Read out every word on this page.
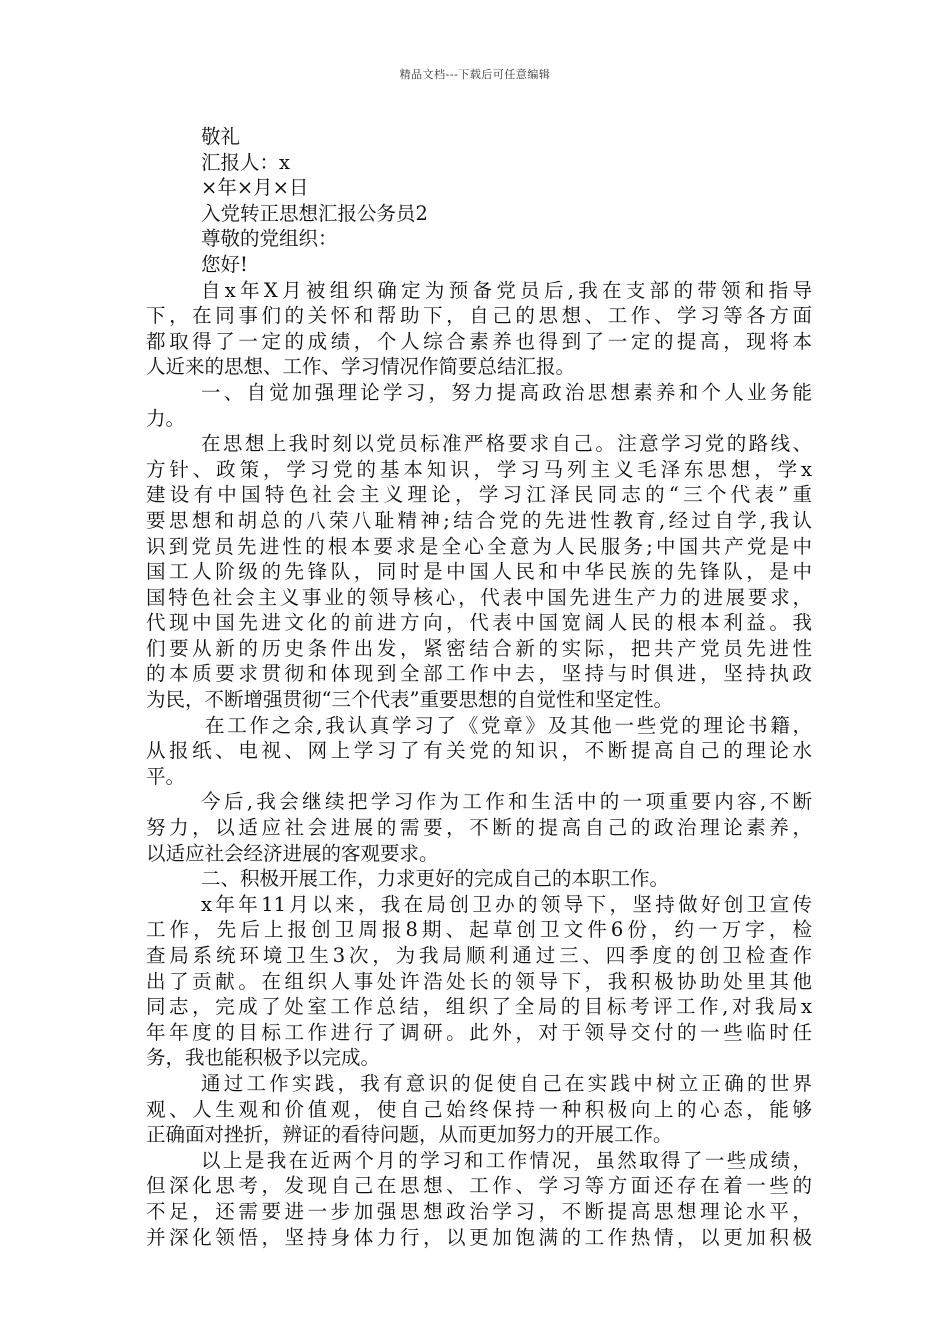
精品文档---下载后可任意编辑
敬礼
汇报人：x
×年×月×日
入党转正思想汇报公务员2
尊敬的党组织：
您好!
自x年X月被组织确定为预备党员后,我在支部的带领和指导
下，在同事们的关怀和帮助下，自己的思想、工作、学习等各方面
都取得了一定的成绩，个人综合素养也得到了一定的提高，现将本
人近来的思想、工作、学习情况作简要总结汇报。
一、自觉加强理论学习，努力提高政治思想素养和个人业务能
力。
在思想上我时刻以党员标准严格要求自己。注意学习党的路线、
方针、政策，学习党的基本知识，学习马列主义毛泽东思想，学x
建设有中国特色社会主义理论，学习江泽民同志的“三个代表”重
要思想和胡总的八荣八耻精神;结合党的先进性教育,经过自学,我认
识到党员先进性的根本要求是全心全意为人民服务;中国共产党是中
国工人阶级的先锋队，同时是中国人民和中华民族的先锋队，是中
国特色社会主义事业的领导核心，代表中国先进生产力的进展要求，
代现中国先进文化的前进方向，代表中国宽阔人民的根本利益。我
们要从新的历史条件出发，紧密结合新的实际，把共产党员先进性
的本质要求贯彻和体现到全部工作中去，坚持与时俱进，坚持执政
为民，不断增强贯彻“三个代表”重要思想的自觉性和坚定性。
在工作之余,我认真学习了《党章》及其他一些党的理论书籍，
从报纸、电视、网上学习了有关党的知识，不断提高自己的理论水
平。
今后,我会继续把学习作为工作和生活中的一项重要内容,不断
努力，以适应社会进展的需要，不断的提高自己的政治理论素养，
以适应社会经济进展的客观要求。
二、积极开展工作，力求更好的完成自己的本职工作。
x年年11月以来，我在局创卫办的领导下，坚持做好创卫宣传
工作，先后上报创卫周报8期、起草创卫文件6份，约一万字，检
查局系统环境卫生3次，为我局顺利通过三、四季度的创卫检查作
出了贡献。在组织人事处许浩处长的领导下，我积极协助处里其他
同志，完成了处室工作总结，组织了全局的目标考评工作,对我局x
年年度的目标工作进行了调研。此外，对于领导交付的一些临时任
务，我也能积极予以完成。
通过工作实践，我有意识的促使自己在实践中树立正确的世界
观、人生观和价值观，使自己始终保持一种积极向上的心态，能够
正确面对挫折，辨证的看待问题，从而更加努力的开展工作。
以上是我在近两个月的学习和工作情况，虽然取得了一些成绩，
但深化思考，发现自己在思想、工作、学习等方面还存在着一些的
不足，还需要进一步加强思想政治学习，不断提高思想理论水平，
并深化领悟，坚持身体力行，以更加饱满的工作热情，以更加积极
